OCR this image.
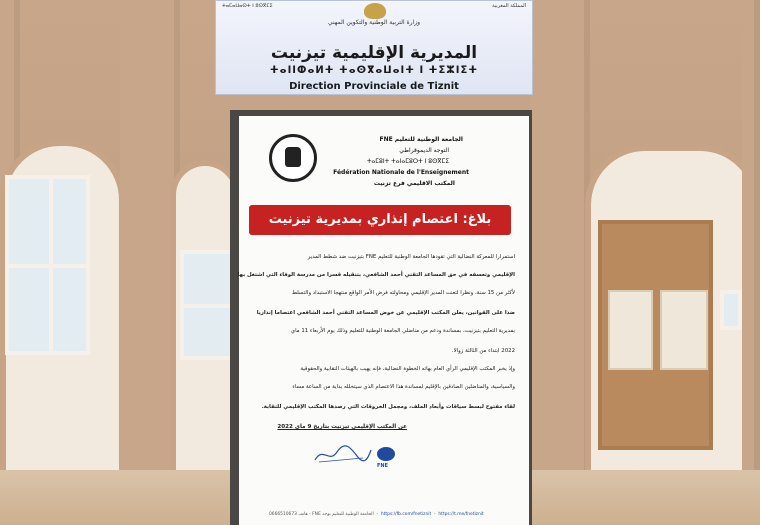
ⵜⴰⵎⴰⵡⴰⵙⵜ ⵏ ⵓⵙⴳⵎⵉ	المملكة المغربية
وزارة التربية الوطنية والتكوين المهني
المديرية الإقليمية تيزنيت
ⵜⴰⵏⵏⵀⴰⵍⵜ ⵜⴰⵙⴳⴰⵡⴰⵏⵜ ⵏ ⵜⵉⵣⵏⵉⵜ
Direction Provinciale de Tiznit
FNE الجامعة الوطنية للتعليم
التوجه الديموقراطي
ⵜⴰⵎⵓⵏⵜ ⵜⴰⵏⴰⵎⵓⵔⵜ ⵏ ⵓⵙⴳⵎⵉ
Fédération Nationale de l'Enseignement
المكتب الاقليمي فرع تزنيت
بلاغ: اعتصام إنذاري بمديرية تيزنيت
استمرارا للمعركة النضالية التي تقودها الجامعة الوطنية للتعليم FNE بتيزنيت ضد شطط المدير
الإقليمي وتعسفه في حق المساعد التقني أحمد الشافعي، بتنقيله قسرا من مدرسة الوفاء التي اشتغل بها
لأكثر من 15 سنة، ونظرا لتعنت المدير الإقليمي ومحاولته فرض الأمر الواقع منتهجا الاستبداد والتسلط
ضدا على القوانين، يعلن المكتب الإقليمي عن خوض المساعد التقني أحمد الشافعي اعتصاما إنذاريا
بمديرية التعليم بتيزنيت، بمساندة ودعم من مناضلي الجامعة الوطنية للتعليم وذلك يوم الأربعاء 11 ماي
2022 ابتداء من الثالثة زوالا.
وإذ يخبر المكتب الإقليمي الرأي العام بهاته الخطوة النضالية، فإنه يهيب بالهيئات النقابية والحقوقية
والسياسية، والمناضلين الصادقين بالإقليم لمساندة هذا الاعتصام الذي سيتخلله بداية من الساعة مساء
لقاء مفتوح لبسط سياقات وأبعاد الملف، ومجمل الخروقات التي رصدها المكتب الإقليمي للنقابة.
عن المكتب الإقليمي تيزنيت بتاريخ 9 ماي 2022
FNE
https://fb.com/fnetiznit  -  https://t.me/fnetiznit  -  الجامعة الوطنية للتعليم توجه FNE - هاتف 0666510673
